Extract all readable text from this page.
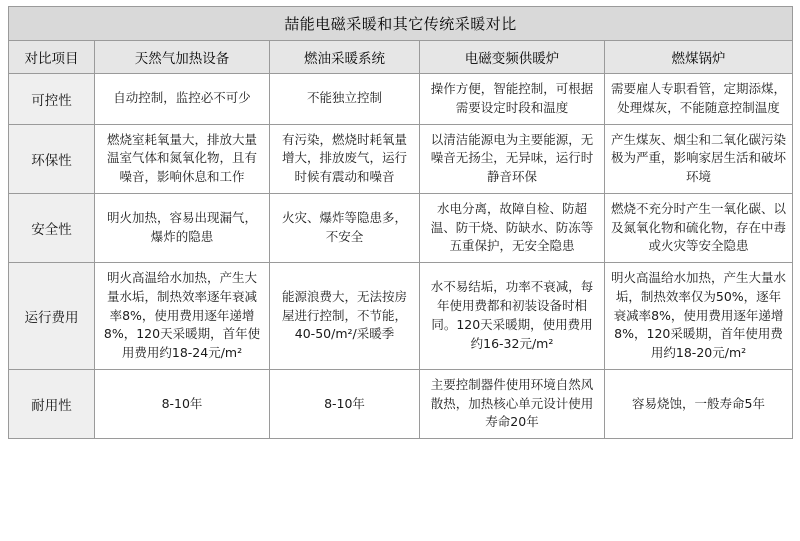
喆能电磁采暖和其它传统采暖对比				
对比项目	天然气加热设备	燃油采暖系统	电磁变频供暖炉	燃煤锅炉
可控性	自动控制，监控必不可少	不能独立控制	操作方便，智能控制，可根据需要设定时段和温度	需要雇人专职看管，定期添煤，处理煤灰，不能随意控制温度
环保性	燃烧室耗氧量大，排放大量温室气体和氮氧化物，且有噪音，影响休息和工作	有污染，燃烧时耗氧量增大，排放废气，运行时候有震动和噪音	以清洁能源电为主要能源，无噪音无扬尘，无异味，运行时静音环保	产生煤灰、烟尘和二氧化碳污染极为严重，影响家居生活和破坏环境
安全性	明火加热，容易出现漏气，爆炸的隐患	火灾、爆炸等隐患多，不安全	水电分离，故障自检、防超温、防干烧、防缺水、防冻等五重保护，无安全隐患	燃烧不充分时产生一氧化碳、以及氮氧化物和硫化物，存在中毒或火灾等安全隐患
运行费用	明火高温给水加热，产生大量水垢，制热效率逐年衰减率8%，使用费用逐年递增8%，120天采暖期，首年使用费用约18-24元/m²	能源浪费大，无法按房屋进行控制，不节能，40-50/m²/采暖季	水不易结垢，功率不衰减，每年使用费都和初装设备时相同。120天采暖期，使用费用约16-32元/m²	明火高温给水加热，产生大量水垢，制热效率仅为50%，逐年衰减率8%，使用费用逐年递增8%，120采暖期，首年使用费用约18-20元/m²
耐用性	8-10年	8-10年	主要控制器件使用环境自然风散热，加热核心单元设计使用寿命20年	容易烧蚀，一般寿命5年
